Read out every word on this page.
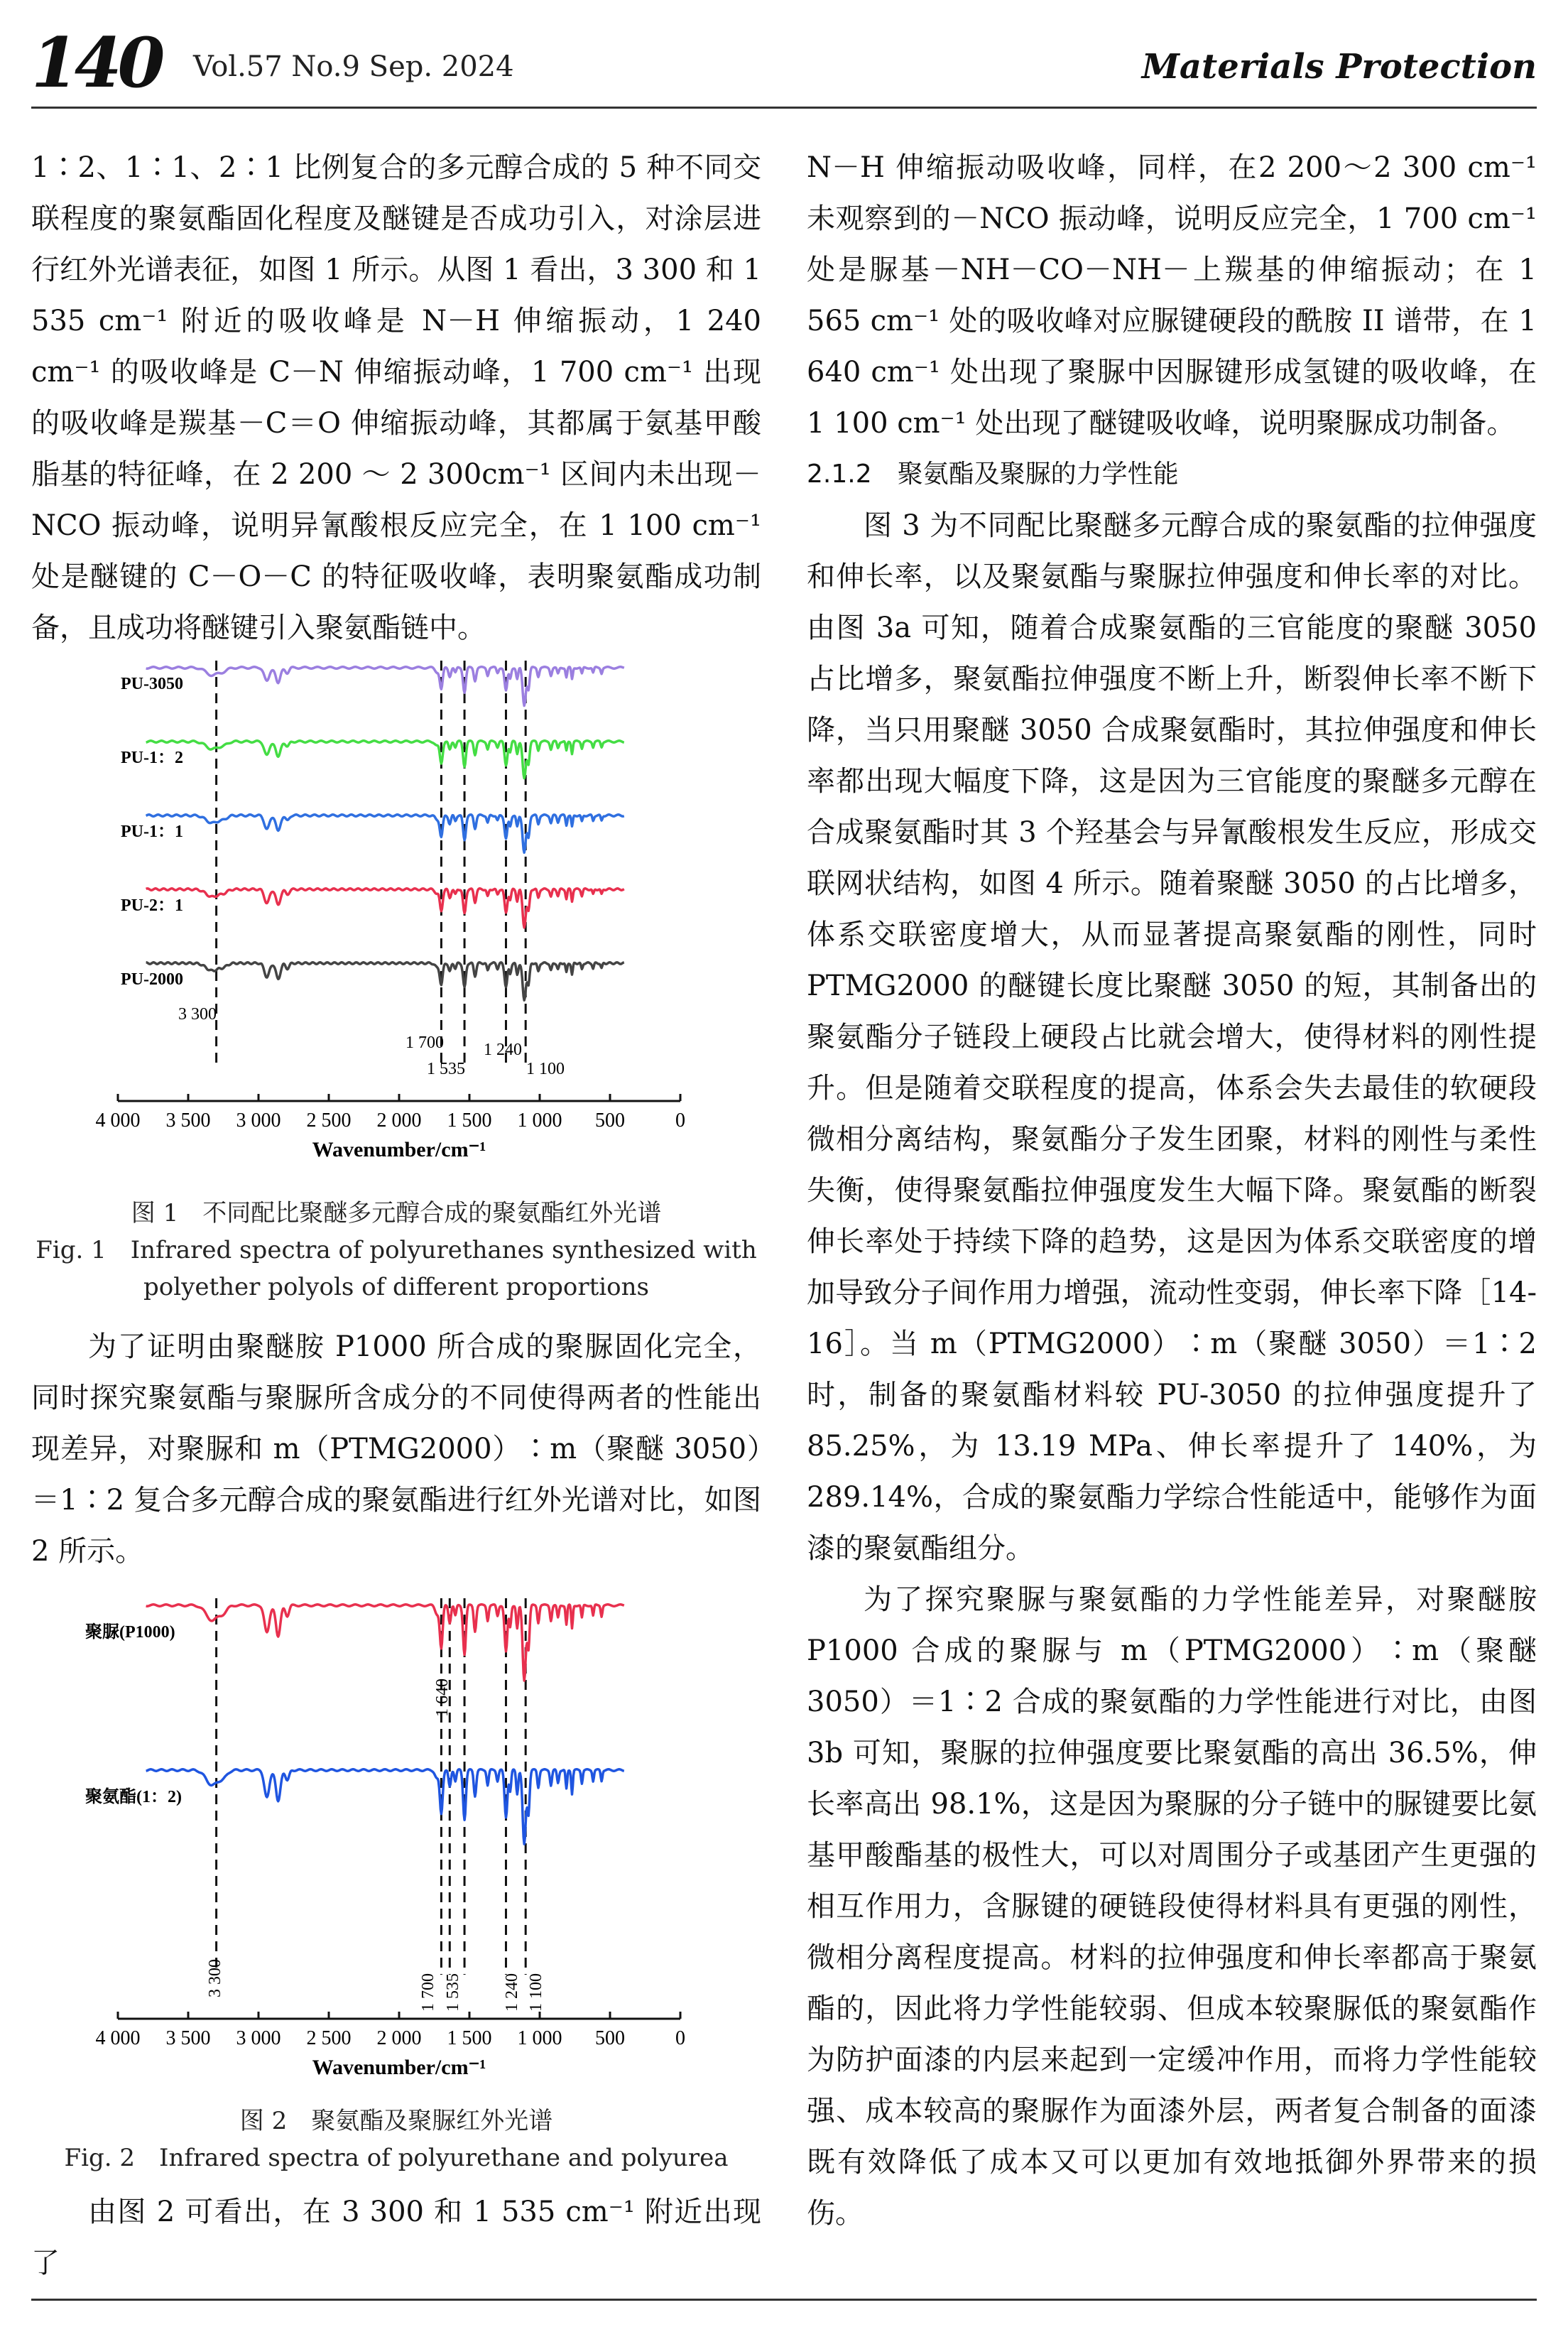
140 Vol.57 No.9 Sep. 2024	Materials Protection

1∶2、1∶1、2∶1 比例复合的多元醇合成的 5 种不同交联程度的聚氨酯固化程度及醚键是否成功引入，对涂层进行红外光谱表征，如图 1 所示。从图 1 看出，3 300 和 1 535 cm⁻¹ 附近的吸收峰是 N－H 伸缩振动，1 240 cm⁻¹ 的吸收峰是 C－N 伸缩振动峰，1 700 cm⁻¹ 出现的吸收峰是羰基－C＝O 伸缩振动峰，其都属于氨基甲酸脂基的特征峰，在 2 200 ～ 2 300cm⁻¹ 区间内未出现－NCO 振动峰，说明异氰酸根反应完全，在 1 100 cm⁻¹ 处是醚键的 C－O－C 的特征吸收峰，表明聚氨酯成功制备，且成功将醚键引入聚氨酯链中。

PU-3050
PU-1：2
PU-1：1
PU-2：1
PU-2000
4 000 3 500 3 000 2 500 2 000 1 500 1 000 500	0
Wavenumber/cm⁻¹
3 300
1 700
1 535
1 240
1 100
图 1　不同配比聚醚多元醇合成的聚氨酯红外光谱
Fig. 1　Infrared spectra of polyurethanes synthesized with
polyether polyols of different proportions

为了证明由聚醚胺 P1000 所合成的聚脲固化完全，同时探究聚氨酯与聚脲所含成分的不同使得两者的性能出现差异，对聚脲和 m（PTMG2000）∶m（聚醚 3050）＝1∶2 复合多元醇合成的聚氨酯进行红外光谱对比，如图 2 所示。

聚脲(P1000)
聚氨酯(1：2)
4 000 3 500 3 000 2 500 2 000 1 500 1 000 500	0
Wavenumber/cm⁻¹
3 300
1 640
1 700 1 535 1 240 1 100
图 2　聚氨酯及聚脲红外光谱
Fig. 2　Infrared spectra of polyurethane and polyurea

由图 2 可看出，在 3 300 和 1 535 cm⁻¹ 附近出现了

N－H 伸缩振动吸收峰，同样，在2 200～2 300 cm⁻¹ 未观察到的－NCO 振动峰，说明反应完全，1 700 cm⁻¹ 处是脲基－NH－CO－NH－上羰基的伸缩振动；在 1 565 cm⁻¹ 处的吸收峰对应脲键硬段的酰胺 II 谱带，在 1 640 cm⁻¹ 处出现了聚脲中因脲键形成氢键的吸收峰，在 1 100 cm⁻¹ 处出现了醚键吸收峰，说明聚脲成功制备。

2.1.2　聚氨酯及聚脲的力学性能

图 3 为不同配比聚醚多元醇合成的聚氨酯的拉伸强度和伸长率，以及聚氨酯与聚脲拉伸强度和伸长率的对比。由图 3a 可知，随着合成聚氨酯的三官能度的聚醚 3050 占比增多，聚氨酯拉伸强度不断上升，断裂伸长率不断下降，当只用聚醚 3050 合成聚氨酯时，其拉伸强度和伸长率都出现大幅度下降，这是因为三官能度的聚醚多元醇在合成聚氨酯时其 3 个羟基会与异氰酸根发生反应，形成交联网状结构，如图 4 所示。随着聚醚 3050 的占比增多，体系交联密度增大，从而显著提高聚氨酯的刚性，同时 PTMG2000 的醚键长度比聚醚 3050 的短，其制备出的聚氨酯分子链段上硬段占比就会增大，使得材料的刚性提升。但是随着交联程度的提高，体系会失去最佳的软硬段微相分离结构，聚氨酯分子发生团聚，材料的刚性与柔性失衡，使得聚氨酯拉伸强度发生大幅下降。聚氨酯的断裂伸长率处于持续下降的趋势，这是因为体系交联密度的增加导致分子间作用力增强，流动性变弱，伸长率下降［14-16］。当 m（PTMG2000）∶m（聚醚 3050）＝1∶2 时，制备的聚氨酯材料较 PU-3050 的拉伸强度提升了 85.25%，为 13.19 MPa、伸长率提升了 140%，为 289.14%，合成的聚氨酯力学综合性能适中，能够作为面漆的聚氨酯组分。

为了探究聚脲与聚氨酯的力学性能差异，对聚醚胺 P1000 合成的聚脲与 m（PTMG2000）∶m（聚醚 3050）＝1∶2 合成的聚氨酯的力学性能进行对比，由图 3b 可知，聚脲的拉伸强度要比聚氨酯的高出 36.5%，伸长率高出 98.1%，这是因为聚脲的分子链中的脲键要比氨基甲酸酯基的极性大，可以对周围分子或基团产生更强的相互作用力，含脲键的硬链段使得材料具有更强的刚性，微相分离程度提高。材料的拉伸强度和伸长率都高于聚氨酯的，因此将力学性能较弱、但成本较聚脲低的聚氨酯作为防护面漆的内层来起到一定缓冲作用，而将力学性能较强、成本较高的聚脲作为面漆外层，两者复合制备的面漆既有效降低了成本又可以更加有效地抵御外界带来的损伤。
